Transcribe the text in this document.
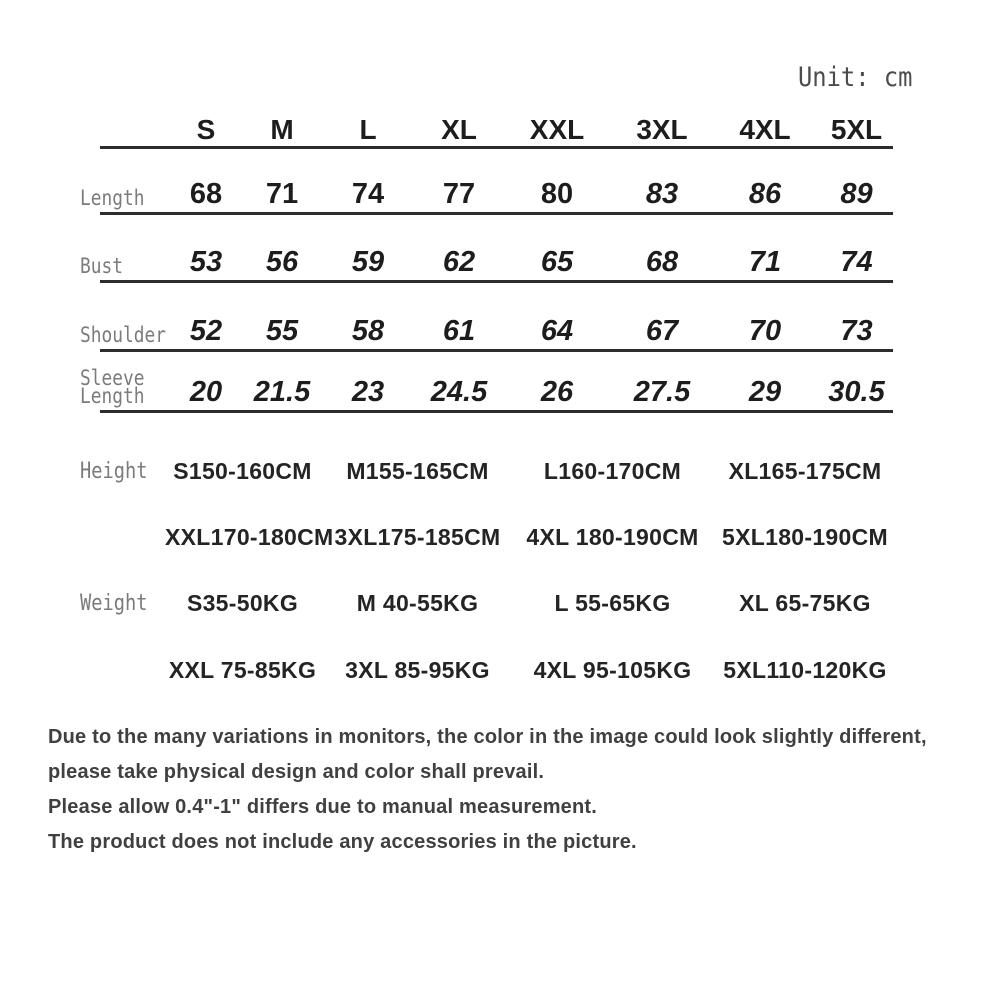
Unit: cm
S	M	L	XL	XXL	3XL	4XL	5XL
Length	68	71	74	77	80	83	86	89
Bust	53	56	59	62	65	68	71	74
Shoulder 52	55	58	61	64	67	70	73
Sleeve Length	20	21.5	23	24.5	26	27.5	29	30.5
Height	S150-160CM	M155-165CM	L160-170CM	XL165-175CM
XXL170-180CM 3XL175-185CM	4XL 180-190CM	5XL180-190CM
Weight	S35-50KG	M 40-55KG	L 55-65KG	XL 65-75KG
XXL 75-85KG	3XL 85-95KG	4XL 95-105KG	5XL110-120KG

Due to the many variations in monitors, the color in the image could look slightly different,

please take physical design and color shall prevail.

Please allow 0.4"-1" differs due to manual measurement.

The product does not include any accessories in the picture.
